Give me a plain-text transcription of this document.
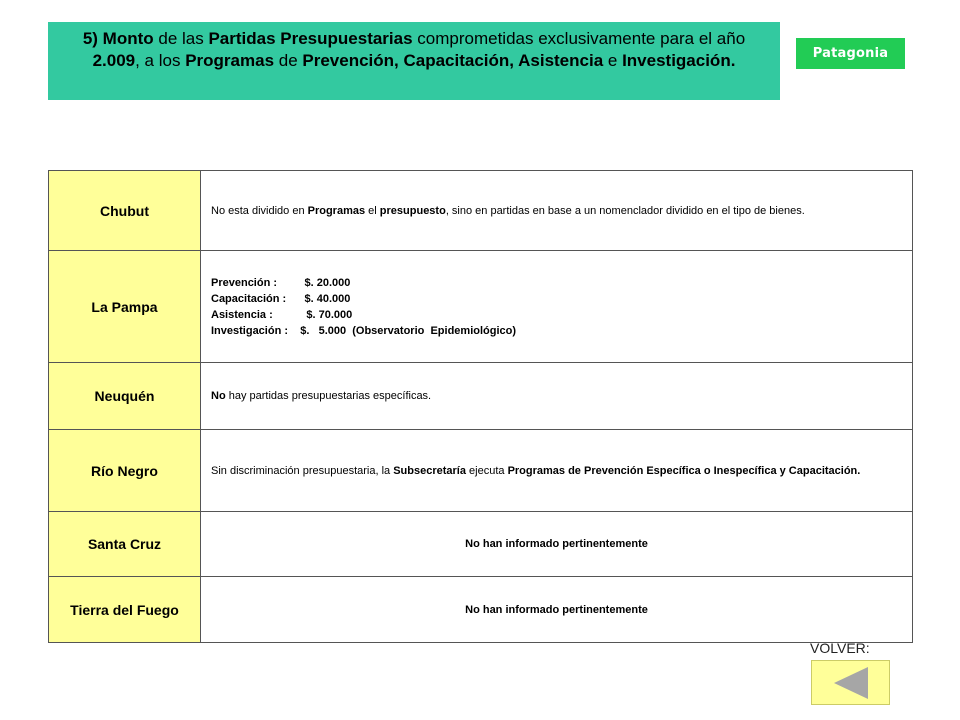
5) Monto de las Partidas Presupuestarias comprometidas exclusivamente para el año 2.009, a los Programas de Prevención, Capacitación, Asistencia e Investigación.	Patagonia
Chubut	No esta dividido en Programas el presupuesto, sino en partidas en base a un nomenclador dividido en el tipo de bienes.

La Pampa	Prevención :         $. 20.000
Capacitación :      $. 40.000
Asistencia :           $. 70.000
Investigación :    $.   5.000  (Observatorio  Epidemiológico)

Neuquén	No hay partidas presupuestarias específicas.

Río Negro	Sin discriminación presupuestaria, la Subsecretaría ejecuta Programas de Prevención Específica o Inespecífica y Capacitación.

Santa Cruz	No han informado pertinentemente

Tierra del Fuego	No han informado pertinentemente
VOLVER:
